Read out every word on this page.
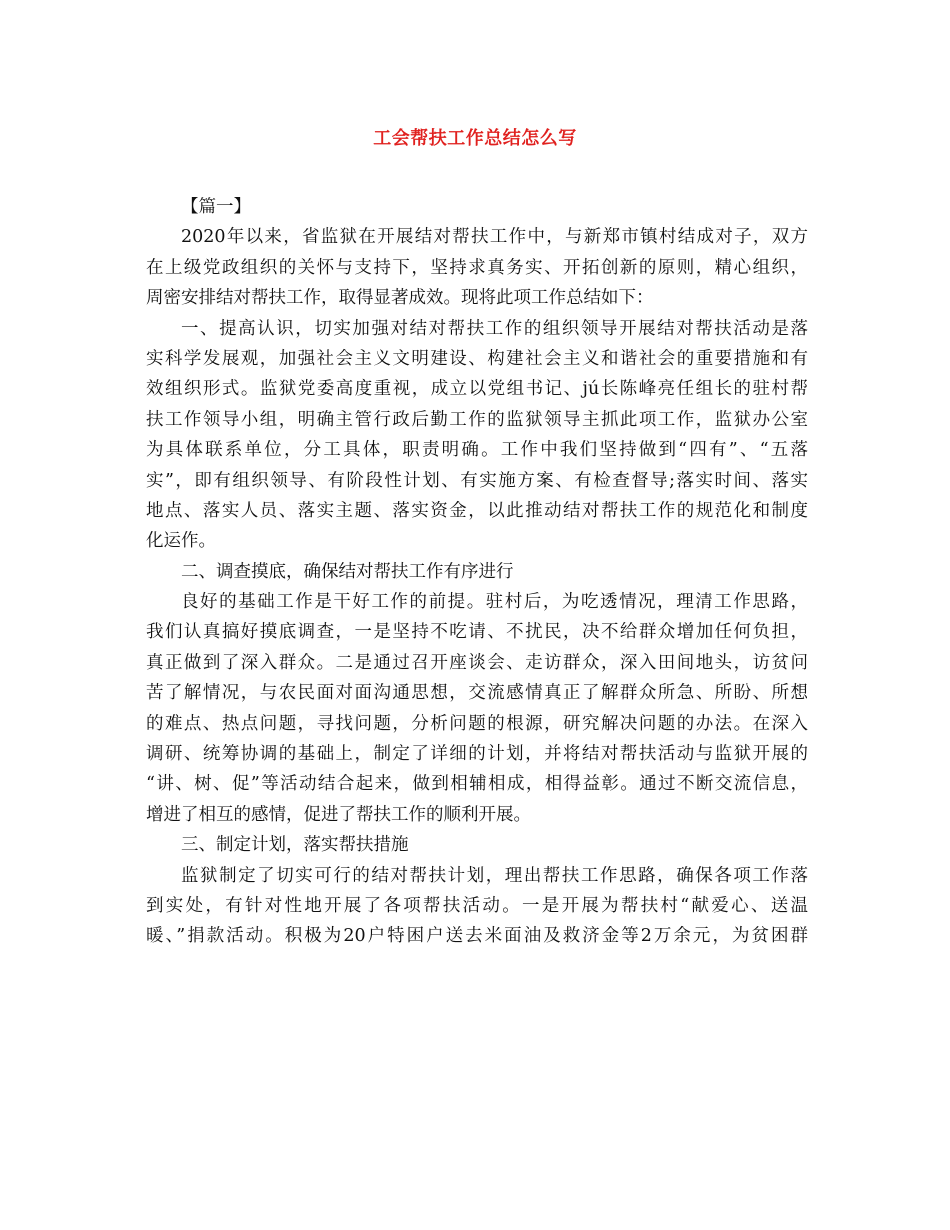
工会帮扶工作总结怎么写
【篇一】
2020年以来，省监狱在开展结对帮扶工作中，与新郑市镇村结成对子，双方
在上级党政组织的关怀与支持下，坚持求真务实、开拓创新的原则，精心组织，
周密安排结对帮扶工作，取得显著成效。现将此项工作总结如下：
一、提高认识，切实加强对结对帮扶工作的组织领导开展结对帮扶活动是落
实科学发展观，加强社会主义文明建设、构建社会主义和谐社会的重要措施和有
效组织形式。监狱党委高度重视，成立以党组书记、jú长陈峰亮任组长的驻村帮
扶工作领导小组，明确主管行政后勤工作的监狱领导主抓此项工作，监狱办公室
为具体联系单位，分工具体，职责明确。工作中我们坚持做到“四有”、“五落
实”，即有组织领导、有阶段性计划、有实施方案、有检查督导;落实时间、落实
地点、落实人员、落实主题、落实资金，以此推动结对帮扶工作的规范化和制度
化运作。
二、调查摸底，确保结对帮扶工作有序进行
良好的基础工作是干好工作的前提。驻村后，为吃透情况，理清工作思路，
我们认真搞好摸底调查，一是坚持不吃请、不扰民，决不给群众增加任何负担，
真正做到了深入群众。二是通过召开座谈会、走访群众，深入田间地头，访贫问
苦了解情况，与农民面对面沟通思想，交流感情真正了解群众所急、所盼、所想
的难点、热点问题，寻找问题，分析问题的根源，研究解决问题的办法。在深入
调研、统筹协调的基础上，制定了详细的计划，并将结对帮扶活动与监狱开展的
“讲、树、促”等活动结合起来，做到相辅相成，相得益彰。通过不断交流信息，
增进了相互的感情，促进了帮扶工作的顺利开展。
三、制定计划，落实帮扶措施
监狱制定了切实可行的结对帮扶计划，理出帮扶工作思路，确保各项工作落
到实处，有针对性地开展了各项帮扶活动。一是开展为帮扶村“献爱心、送温
暖、”捐款活动。积极为20户特困户送去米面油及救济金等2万余元，为贫困群
